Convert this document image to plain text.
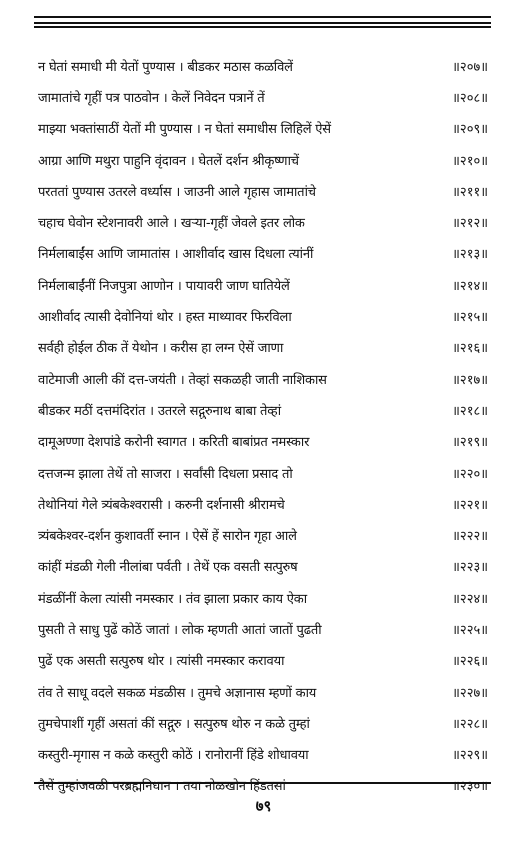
न घेतां समाधी मी येतों पुण्यास । बीडकर मठास कळविलें	॥२०७॥
जामातांचे गृहीं पत्र पाठवोन । केलें निवेदन पत्रानें तें	॥२०८॥
माझ्या भक्तांसाठीं येतों मी पुण्यास । न घेतां समाधीस लिहिलें ऐसें	॥२०९॥
आग्रा आणि मथुरा पाहुनि वृंदावन । घेतलें दर्शन श्रीकृष्णाचें	॥२१०॥
परततां पुण्यास उतरले वर्ध्यास । जाउनी आले गृहास जामातांचे	॥२११॥
चहाच घेवोन स्टेशनावरी आले । खऱ्या-गृहीं जेवले इतर लोक	॥२१२॥
निर्मलाबाईंस आणि जामातांस । आशीर्वाद खास दिधला त्यांनीं	॥२१३॥
निर्मलाबाईंनीं निजपुत्रा आणोन । पायावरी जाण घातियेलें	॥२१४॥
आशीर्वाद त्यासी देवोनियां थोर । हस्त माथ्यावर फिरविला	॥२१५॥
सर्वही होईल ठीक तें येथोन । करीस हा लग्न ऐसें जाणा	॥२१६॥
वाटेमाजी आली कीं दत्त-जयंती । तेव्हां सकळही जाती नाशिकास	॥२१७॥
बीडकर मठीं दत्तमंदिरांत । उतरले सद्गुरुनाथ बाबा तेव्हां	॥२१८॥
दामूअण्णा देशपांडे करोनी स्वागत । करिती बाबांप्रत नमस्कार	॥२१९॥
दत्तजन्म झाला तेथें तो साजरा । सर्वांसी दिधला प्रसाद तो	॥२२०॥
तेथोनियां गेले त्र्यंबकेश्वरासी । करुनी दर्शनासी श्रीरामचे	॥२२१॥
त्र्यंबकेश्वर-दर्शन कुशावर्ती स्नान । ऐसें हें सारोन गृहा आले	॥२२२॥
कांहीं मंडळी गेली नीलांबा पर्वती । तेथें एक वसती सत्पुरुष	॥२२३॥
मंडळींनीं केला त्यांसी नमस्कार । तंव झाला प्रकार काय ऐका	॥२२४॥
पुसती ते साधु पुढें कोठें जातां । लोक म्हणती आतां जातों पुढती	॥२२५॥
पुढें एक असती सत्पुरुष थोर । त्यांसी नमस्कार करावया	॥२२६॥
तंव ते साधू वदले सकळ मंडळीस । तुमचे अज्ञानास म्हणों काय	॥२२७॥
तुमचेपाशीं गृहीं असतां कीं सद्गुरु । सत्पुरुष थोरु न कळे तुम्हां	॥२२८॥
कस्तुरी-मृगास न कळे कस्तुरी कोठें । रानोरानीं हिंडे शोधावया	॥२२९॥
तैसें तुम्हांजवळी परब्रह्मनिधान । तया नोळखोन हिंडतसां	॥२३०॥
७९
